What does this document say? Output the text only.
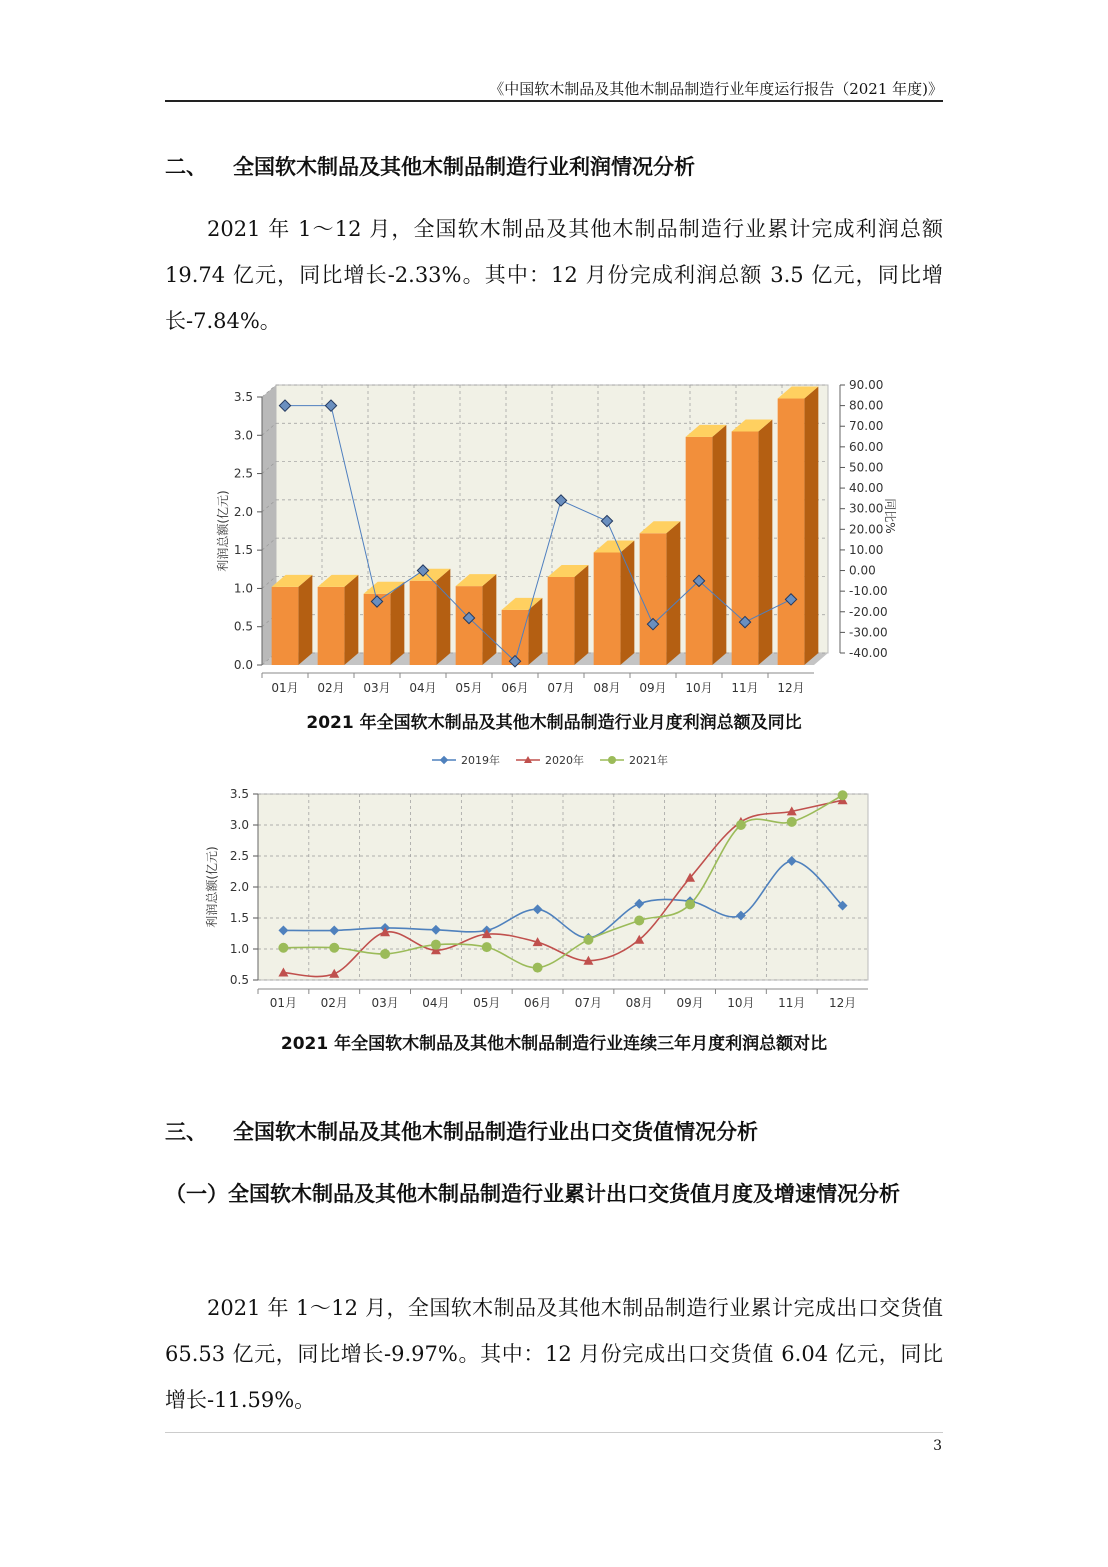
《中国软木制品及其他木制品制造行业年度运行报告（2021 年度)》
二、 全国软木制品及其他木制品制造行业利润情况分析
2021 年 1～12 月，全国软木制品及其他木制品制造行业累计完成利润总额 19.74 亿元，同比增长-2.33%。其中：12 月份完成利润总额 3.5 亿元，同比增长-7.84%。
0.0
0.5
1.0
1.5
2.0
2.5
3.0
3.5
-40.00
-30.00
-20.00
-10.00
0.00
10.00
20.00
30.00
40.00
50.00
60.00
70.00
80.00
90.00
01月 02月 03月 04月 05月 06月 07月 08月 09月 10月 11月 12月
利润总额(亿元)	同比%
2021 年全国软木制品及其他木制品制造行业月度利润总额及同比
2019年	2020年	2021年
0.5
1.0
1.5
2.0
2.5
3.0
3.5
01月 02月 03月 04月 05月 06月 07月 08月 09月 10月 11月 12月
利润总额(亿元)
2021 年全国软木制品及其他木制品制造行业连续三年月度利润总额对比
三、 全国软木制品及其他木制品制造行业出口交货值情况分析
（一）全国软木制品及其他木制品制造行业累计出口交货值月度及增速情况分析
2021 年 1～12 月，全国软木制品及其他木制品制造行业累计完成出口交货值 65.53 亿元，同比增长-9.97%。其中：12 月份完成出口交货值 6.04 亿元，同比增长-11.59%。
3
